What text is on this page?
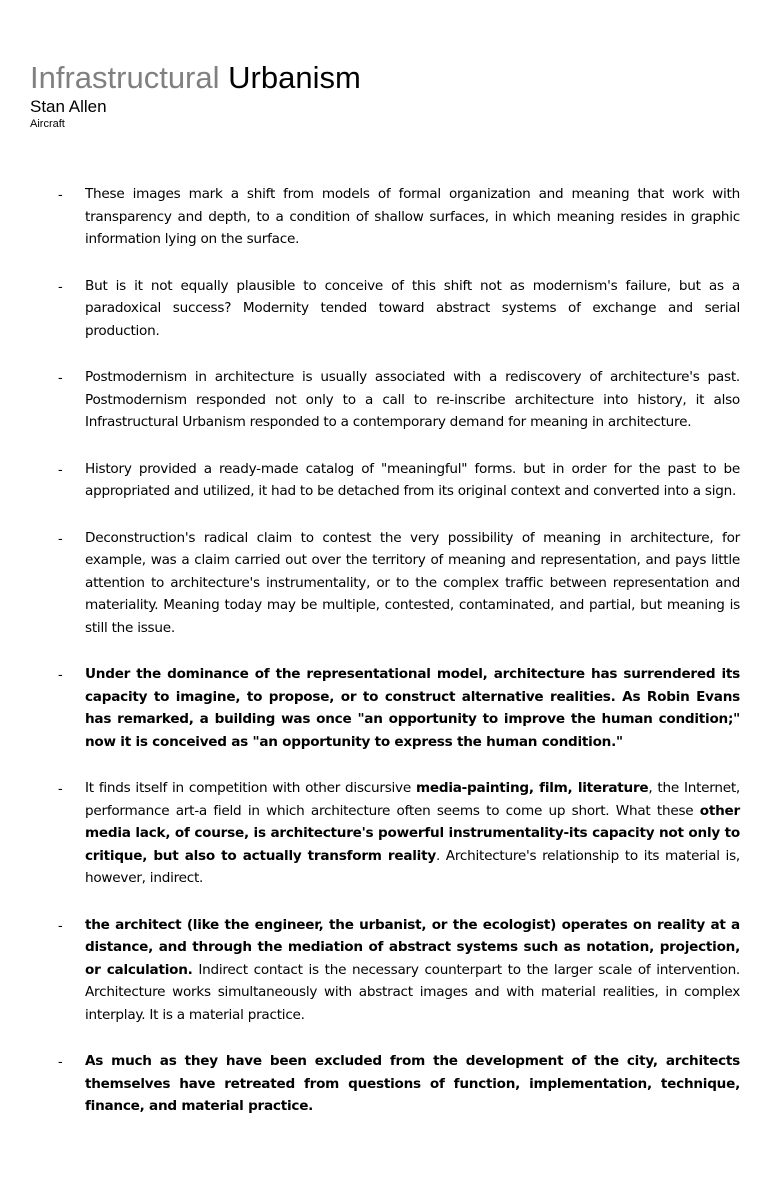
Infrastructural Urbanism
Stan Allen
Aircraft
- These images mark a shift from models of formal organization and meaning that work with transparency and depth, to a condition of shallow surfaces, in which meaning resides in graphic information lying on the surface.
- But is it not equally plausible to conceive of this shift not as modernism's failure, but as a paradoxical success? Modernity tended toward abstract systems of exchange and serial production.
- Postmodernism in architecture is usually associated with a rediscovery of architecture's past. Postmodernism responded not only to a call to re-inscribe architecture into history, it also Infrastructural Urbanism responded to a contemporary demand for meaning in architecture.
- History provided a ready-made catalog of "meaningful" forms. but in order for the past to be appropriated and utilized, it had to be detached from its original context and converted into a sign.
- Deconstruction's radical claim to contest the very possibility of meaning in architecture, for example, was a claim carried out over the territory of meaning and representation, and pays little attention to architecture's instrumentality, or to the complex traffic between representation and materiality. Meaning today may be multiple, contested, contaminated, and partial, but meaning is still the issue.
- Under the dominance of the representational model, architecture has surrendered its capacity to imagine, to propose, or to construct alternative realities. As Robin Evans has remarked, a building was once "an opportunity to improve the human condition;" now it is conceived as "an opportunity to express the human condition."
- It finds itself in competition with other discursive media-painting, film, literature, the Internet, performance art-a field in which architecture often seems to come up short. What these other media lack, of course, is architecture's powerful instrumentality-its capacity not only to critique, but also to actually transform reality. Architecture's relationship to its material is, however, indirect.
- the architect (like the engineer, the urbanist, or the ecologist) operates on reality at a distance, and through the mediation of abstract systems such as notation, projection, or calculation. Indirect contact is the necessary counterpart to the larger scale of intervention. Architecture works simultaneously with abstract images and with material realities, in complex interplay. It is a material practice.
- As much as they have been excluded from the development of the city, architects themselves have retreated from questions of function, implementation, technique, finance, and material practice.
